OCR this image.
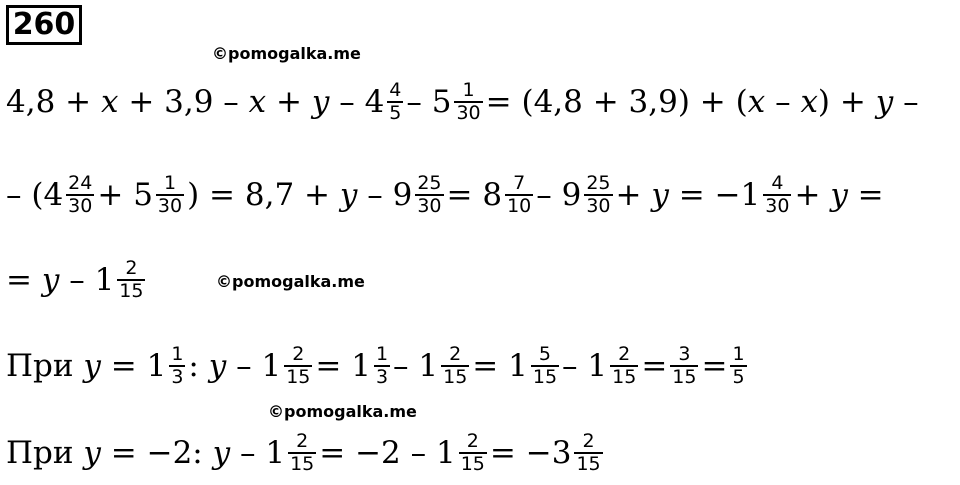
260
©pomogalka.me
©pomogalka.me
©pomogalka.me
$4,8 + x + 3,9 - x + y - 4 \frac{4}{5} - 5 \frac{1}{30} = (4,8 + 3,9)$ + ( x – x ) + y –
– ($4 \frac{24}{30} + 5 \frac{1}{30}$ ) = $8,7 + y - 9 \frac{25}{30} = 8 \frac{7}{10} - 9 \frac{25}{30} + y = -1 \frac{4}{30} + y$ =
= y – $1 \frac{2}{15}$
При $y = 1 \frac{1}{3}$ : $y - 1 \frac{2}{15} = 1 \frac{1}{3} - 1 \frac{2}{15} = 1 \frac{5}{15} - 1 \frac{2}{15} = \frac{3}{15} = \frac{1}{5}$
При y = −2: $y - 1 \frac{2}{15} = -2 - 1 \frac{2}{15} = -3 \frac{2}{15}$
